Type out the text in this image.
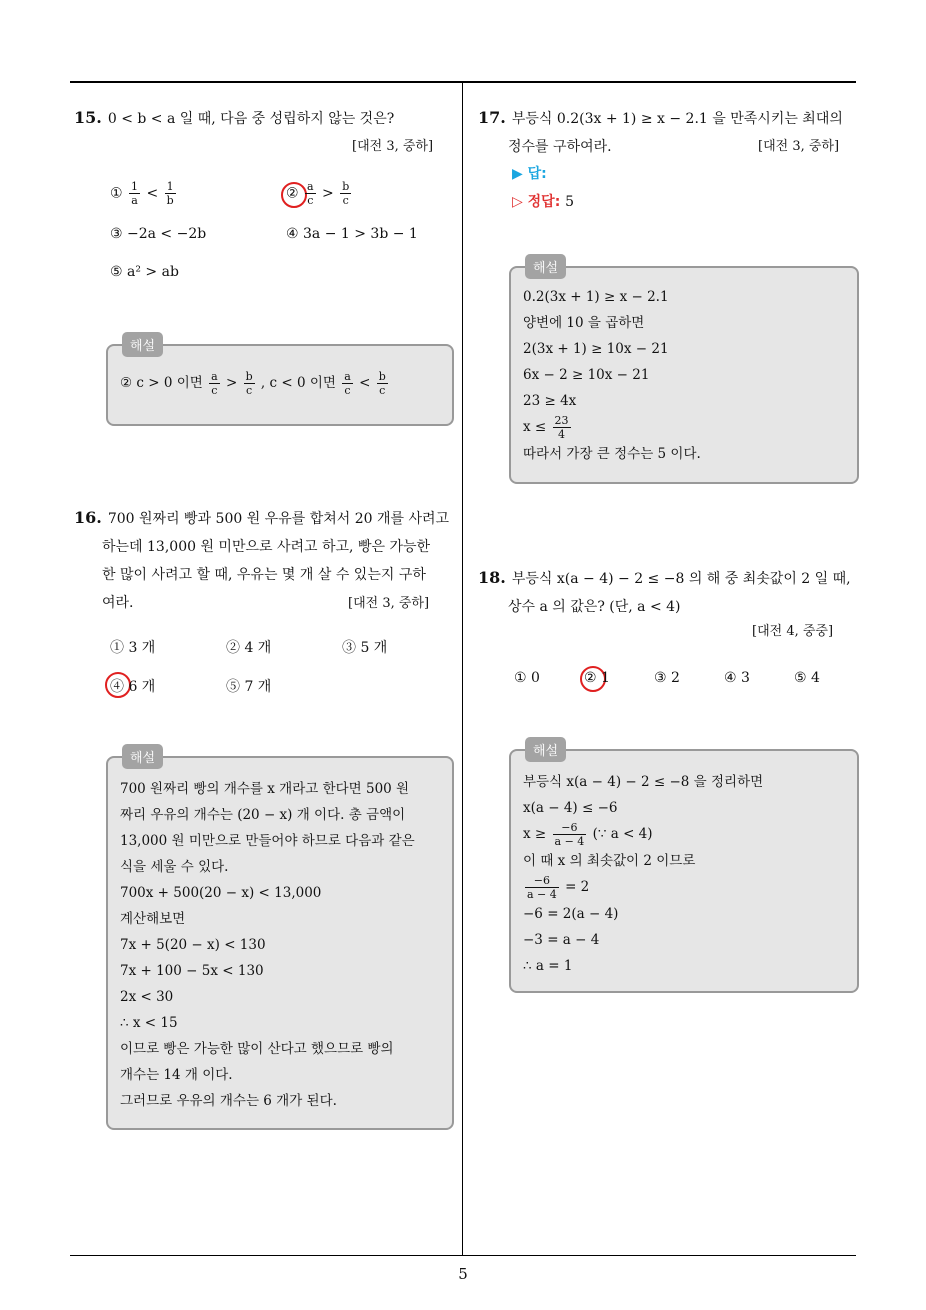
5
15. 0 < b < a 일 때, 다음 중 성립하지 않는 것은?
[대전 3, 중하]
① $\frac{1}{a} < \frac{1}{b}$	② $\frac{a}{c} > \frac{b}{c}$
③ −2a < −2b	④ 3a − 1 > 3b − 1
⑤ a² > ab
해설
② c > 0 이면 $\frac{a}{c} > \frac{b}{c}$ , c < 0 이면 $\frac{a}{c} < \frac{b}{c}$
16. 700 원짜리 빵과 500 원 우유를 합쳐서 20 개를 사려고
하는데 13,000 원 미만으로 사려고 하고, 빵은 가능한
한 많이 사려고 할 때, 우유는 몇 개 살 수 있는지 구하
여라.	[대전 3, 중하]
① 3 개	② 4 개	③ 5 개
④ 6 개	⑤ 7 개
해설
700 원짜리 빵의 개수를 x 개라고 한다면 500 원
짜리 우유의 개수는 (20 − x) 개 이다. 총 금액이
13,000 원 미만으로 만들어야 하므로 다음과 같은
식을 세울 수 있다.
700x + 500(20 − x) < 13,000
계산해보면
7x + 5(20 − x) < 130
7x + 100 − 5x < 130
2x < 30
∴ x < 15
이므로 빵은 가능한 많이 산다고 했으므로 빵의
개수는 14 개 이다.
그러므로 우유의 개수는 6 개가 된다.
17. 부등식 0.2(3x + 1) ≥ x − 2.1 을 만족시키는 최대의
정수를 구하여라.	[대전 3, 중하]
▶ 답:
▷ 정답: 5
해설
0.2(3x + 1) ≥ x − 2.1
양변에 10 을 곱하면
2(3x + 1) ≥ 10x − 21
6x − 2 ≥ 10x − 21
23 ≥ 4x
$x \le \frac{23}{4}$
따라서 가장 큰 정수는 5 이다.
18. 부등식 x(a − 4) − 2 ≤ −8 의 해 중 최솟값이 2 일 때,
상수 a 의 값은? (단, a < 4)
[대전 4, 중중]
① 0	② 1	③ 2	④ 3	⑤ 4
해설
부등식 x(a − 4) − 2 ≤ −8 을 정리하면
x(a − 4) ≤ −6
$x \ge \frac{-6}{a - 4}$ (∵ a < 4)
이 때 x 의 최솟값이 2 이므로
$\frac{-6}{a - 4} = 2$
−6 = 2(a − 4)
−3 = a − 4
∴ a = 1
